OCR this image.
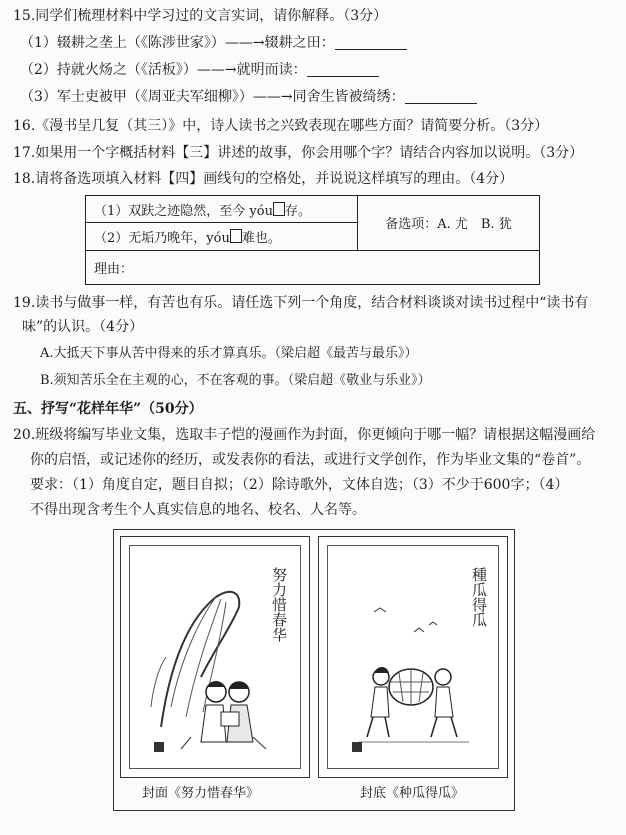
15.同学们梳理材料中学习过的文言实词，请你解释。（3分）
（1）辍耕之垄上（《陈涉世家》）——→辍耕之田：
（2）持就火炀之（《活板》）——→就明而读：
（3）军士吏被甲（《周亚夫军细柳》）——→同舍生皆被绮绣：
16.《漫书呈几复（其三）》中，诗人读书之兴致表现在哪些方面？请简要分析。（3分）
17.如果用一个字概括材料【三】讲述的故事，你会用哪个字？请结合内容加以说明。（3分）
18.请将备选项填入材料【四】画线句的空格处，并说说这样填写的理由。（4分）
（1）双趺之迹隐然，至今 yóu 存。	备选项：A. 尤　B. 犹
（2）无垢乃晚年，yóu 难也。
理由：
19.读书与做事一样，有苦也有乐。请任选下列一个角度，结合材料谈谈对读书过程中“读书有
味”的认识。（4分）
A.大抵天下事从苦中得来的乐才算真乐。（梁启超《最苦与最乐》）
B.须知苦乐全在主观的心，不在客观的事。（梁启超《敬业与乐业》）
五、抒写“花样年华”（50分）
20.班级将编写毕业文集，选取丰子恺的漫画作为封面，你更倾向于哪一幅？请根据这幅漫画给
你的启悟，或记述你的经历，或发表你的看法，或进行文学创作，作为毕业文集的“卷首”。
要求：（1）角度自定，题目自拟；（2）除诗歌外，文体自选；（3）不少于600字；（4）
不得出现含考生个人真实信息的地名、校名、人名等。
努力惜春华	種瓜得瓜
封面《努力惜春华》	封底《种瓜得瓜》
